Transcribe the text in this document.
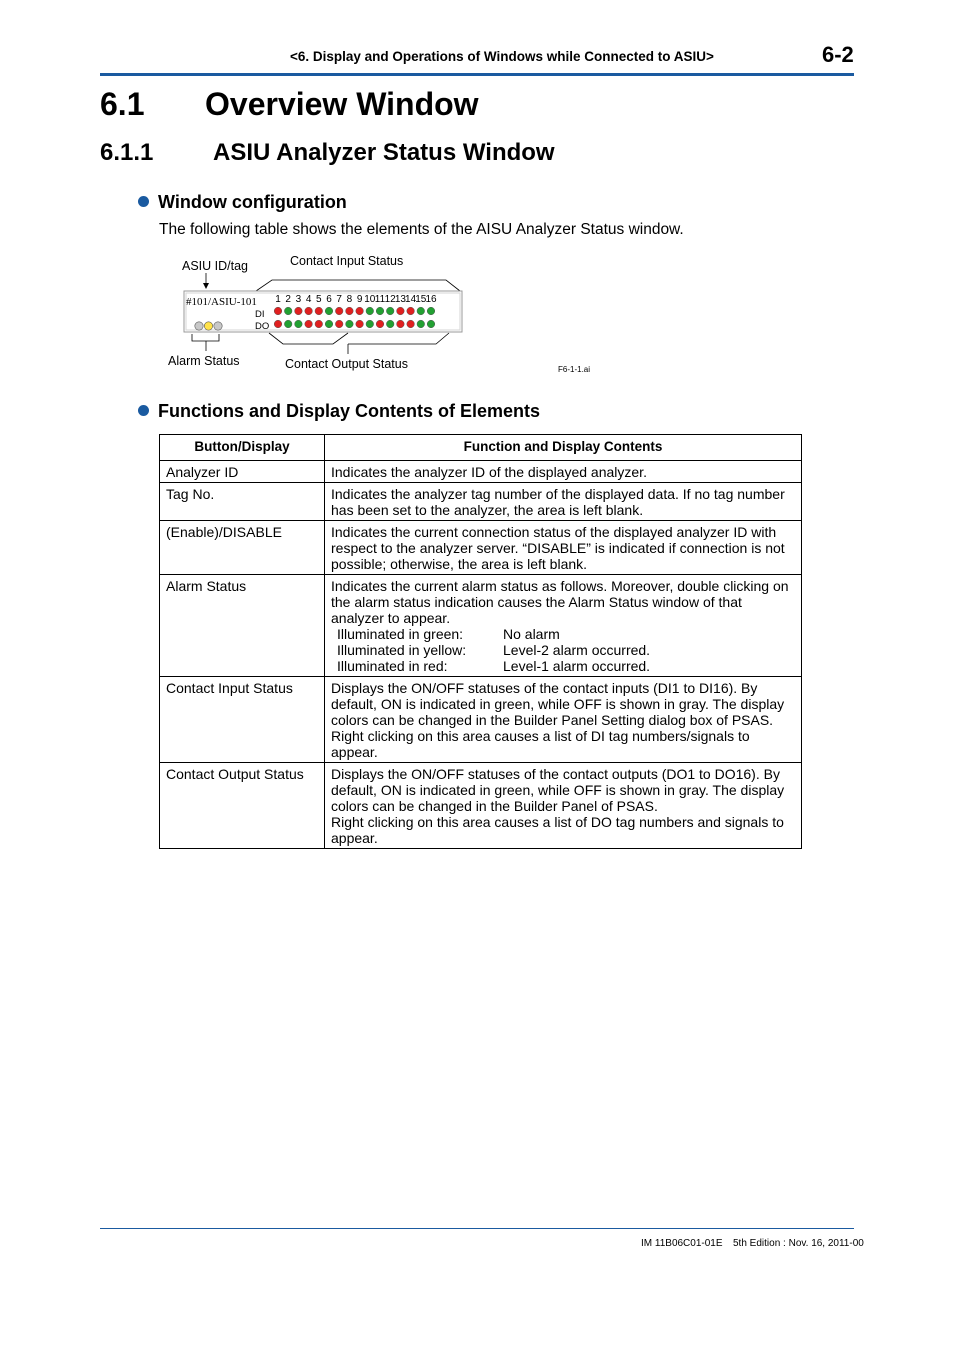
<6. Display and Operations of Windows while Connected to ASIU>	6-2
6.1 Overview Window
6.1.1 ASIU Analyzer Status Window
Window configuration
The following table shows the elements of the AISU Analyzer Status window.
ASIU ID/tag	Contact Input Status
Alarm Status	Contact Output Status
#101/ASIU-101 1 2 3 4 5 6 7 8 9 10 11 12 13 14 15 16
DI
DO
F6-1-1.ai
Functions and Display Contents of Elements
Button/Display	Function and Display Contents
Analyzer ID	Indicates the analyzer ID of the displayed analyzer.
Tag No.	Indicates the analyzer tag number of the displayed data. If no tag number has been set to the analyzer, the area is left blank.
(Enable)/DISABLE	Indicates the current connection status of the displayed analyzer ID with respect to the analyzer server. “DISABLE” is indicated if connection is not possible; otherwise, the area is left blank.
Alarm Status	Indicates the current alarm status as follows. Moreover, double clicking on the alarm status indication causes the Alarm Status window of that analyzer to appear.
Illuminated in green:	No alarm
Illuminated in yellow:	Level-2 alarm occurred.
Illuminated in red:	Level-1 alarm occurred.

Contact Input Status	Displays the ON/OFF statuses of the contact inputs (DI1 to DI16). By default, ON is indicated in green, while OFF is shown in gray. The display colors can be changed in the Builder Panel Setting dialog box of PSAS.
Right clicking on this area causes a list of DI tag numbers/signals to appear.

Contact Output Status	Displays the ON/OFF statuses of the contact outputs (DO1 to DO16). By default, ON is indicated in green, while OFF is shown in gray. The display colors can be changed in the Builder Panel of PSAS.
Right clicking on this area causes a list of DO tag numbers and signals to appear.
IM 11B06C01-01E 5th Edition : Nov. 16, 2011-00
